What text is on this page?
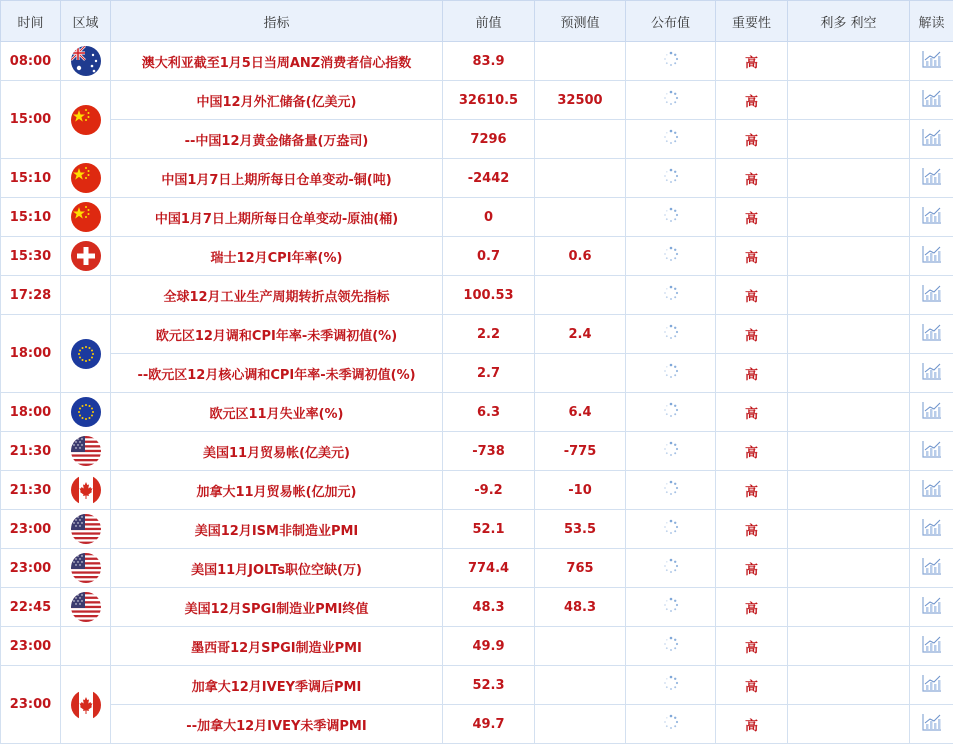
时间	区域	指标	前值	预测值	公布值	重要性	利多 利空	解读
08:00		澳大利亚截至1月5日当周ANZ消费者信心指数	83.9			高		
15:00		中国12月外汇储备(亿美元)	32610.5	32500		高		
		--中国12月黄金储备量(万盎司)	7296			高		
15:10		中国1月7日上期所每日仓单变动-铜(吨)	-2442			高		
15:10		中国1月7日上期所每日仓单变动-原油(桶)	0			高		
15:30		瑞士12月CPI年率(%)	0.7	0.6		高		
17:28		全球12月工业生产周期转折点领先指标	100.53			高		
18:00		欧元区12月调和CPI年率-未季调初值(%)	2.2	2.4		高		
		--欧元区12月核心调和CPI年率-未季调初值(%)	2.7			高		
18:00		欧元区11月失业率(%)	6.3	6.4		高		
21:30		美国11月贸易帐(亿美元)	-738	-775		高		
21:30		加拿大11月贸易帐(亿加元)	-9.2	-10		高		
23:00		美国12月ISM非制造业PMI	52.1	53.5		高		
23:00		美国11月JOLTs职位空缺(万)	774.4	765		高		
22:45		美国12月SPGI制造业PMI终值	48.3	48.3		高		
23:00		墨西哥12月SPGI制造业PMI	49.9			高		
23:00		加拿大12月IVEY季调后PMI	52.3			高		
		--加拿大12月IVEY未季调PMI	49.7			高		
